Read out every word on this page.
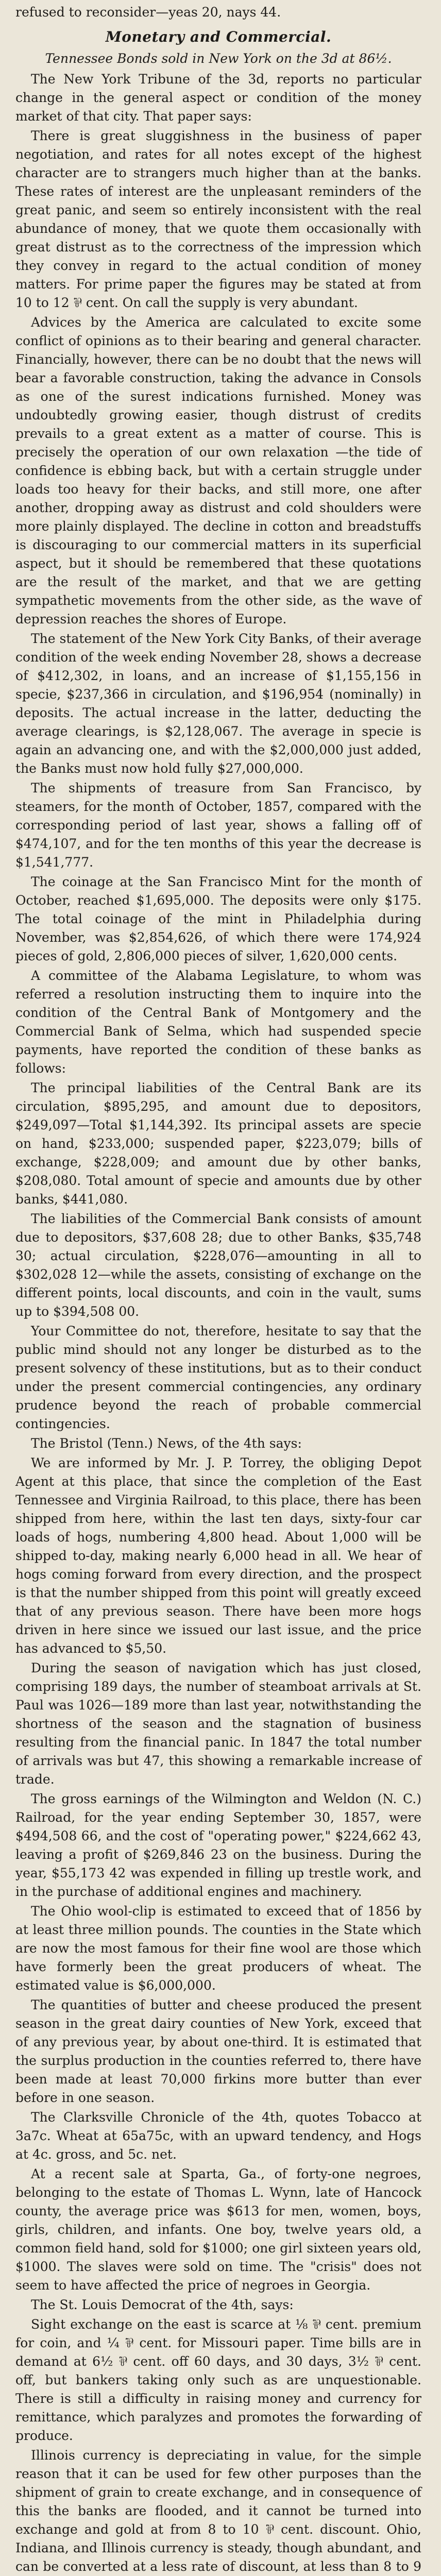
refused to reconsider—yeas 20, nays 44.

Monetary and Commercial.

Tennessee Bonds sold in New York on the 3d at 86½.

The New York Tribune of the 3d, reports no particular change in the general aspect or condition of the money market of that city. That paper says:

There is great sluggishness in the business of paper negotiation, and rates for all notes except of the highest character are to strangers much higher than at the banks. These rates of interest are the unpleasant reminders of the great panic, and seem so entirely inconsistent with the real abundance of money, that we quote them occasionally with great distrust as to the correctness of the impression which they convey in regard to the actual condition of money matters. For prime paper the figures may be stated at from 10 to 12 ⅌ cent. On call the supply is very abundant.

Advices by the America are calculated to excite some conflict of opinions as to their bearing and general character. Financially, however, there can be no doubt that the news will bear a favorable construction, taking the advance in Consols as one of the surest indications furnished. Money was undoubtedly growing easier, though distrust of credits prevails to a great extent as a matter of course. This is precisely the operation of our own relaxation —the tide of confidence is ebbing back, but with a certain struggle under loads too heavy for their backs, and still more, one after another, dropping away as distrust and cold shoulders were more plainly displayed. The decline in cotton and breadstuffs is discouraging to our commercial matters in its superficial aspect, but it should be remembered that these quotations are the result of the market, and that we are getting sympathetic movements from the other side, as the wave of depression reaches the shores of Europe.

The statement of the New York City Banks, of their average condition of the week ending November 28, shows a decrease of $412,302, in loans, and an increase of $1,155,156 in specie, $237,366 in circulation, and $196,954 (nominally) in deposits. The actual increase in the latter, deducting the average clearings, is $2,128,067. The average in specie is again an advancing one, and with the $2,000,000 just added, the Banks must now hold fully $27,000,000.

The shipments of treasure from San Francisco, by steamers, for the month of October, 1857, compared with the corresponding period of last year, shows a falling off of $474,107, and for the ten months of this year the decrease is $1,541,777.

The coinage at the San Francisco Mint for the month of October, reached $1,695,000. The deposits were only $175. The total coinage of the mint in Philadelphia during November, was $2,854,626, of which there were 174,924 pieces of gold, 2,806,000 pieces of silver, 1,620,000 cents.

A committee of the Alabama Legislature, to whom was referred a resolution instructing them to inquire into the condition of the Central Bank of Montgomery and the Commercial Bank of Selma, which had suspended specie payments, have reported the condition of these banks as follows:

The principal liabilities of the Central Bank are its circulation, $895,295, and amount due to depositors, $249,097—Total $1,144,392. Its principal assets are specie on hand, $233,000; suspended paper, $223,079; bills of exchange, $228,009; and amount due by other banks, $208,080. Total amount of specie and amounts due by other banks, $441,080.

The liabilities of the Commercial Bank consists of amount due to depositors, $37,608 28; due to other Banks, $35,748 30; actual circulation, $228,076—amounting in all to $302,028 12—while the assets, consisting of exchange on the different points, local discounts, and coin in the vault, sums up to $394,508 00.

Your Committee do not, therefore, hesitate to say that the public mind should not any longer be disturbed as to the present solvency of these institutions, but as to their conduct under the present commercial contingencies, any ordinary prudence beyond the reach of probable commercial contingencies.

The Bristol (Tenn.) News, of the 4th says:

We are informed by Mr. J. P. Torrey, the obliging Depot Agent at this place, that since the completion of the East Tennessee and Virginia Railroad, to this place, there has been shipped from here, within the last ten days, sixty-four car loads of hogs, numbering 4,800 head. About 1,000 will be shipped to-day, making nearly 6,000 head in all. We hear of hogs coming forward from every direction, and the prospect is that the number shipped from this point will greatly exceed that of any previous season. There have been more hogs driven in here since we issued our last issue, and the price has advanced to $5,50.

During the season of navigation which has just closed, comprising 189 days, the number of steamboat arrivals at St. Paul was 1026—189 more than last year, notwithstanding the shortness of the season and the stagnation of business resulting from the financial panic. In 1847 the total number of arrivals was but 47, this showing a remarkable increase of trade.

The gross earnings of the Wilmington and Weldon (N. C.) Railroad, for the year ending September 30, 1857, were $494,508 66, and the cost of "operating power," $224,662 43, leaving a profit of $269,846 23 on the business. During the year, $55,173 42 was expended in filling up trestle work, and in the purchase of additional engines and machinery.

The Ohio wool-clip is estimated to exceed that of 1856 by at least three million pounds. The counties in the State which are now the most famous for their fine wool are those which have formerly been the great producers of wheat. The estimated value is $6,000,000.

The quantities of butter and cheese produced the present season in the great dairy counties of New York, exceed that of any previous year, by about one-third. It is estimated that the surplus production in the counties referred to, there have been made at least 70,000 firkins more butter than ever before in one season.

The Clarksville Chronicle of the 4th, quotes Tobacco at 3a7c. Wheat at 65a75c, with an upward tendency, and Hogs at 4c. gross, and 5c. net.

At a recent sale at Sparta, Ga., of forty-one negroes, belonging to the estate of Thomas L. Wynn, late of Hancock county, the average price was $613 for men, women, boys, girls, children, and infants. One boy, twelve years old, a common field hand, sold for $1000; one girl sixteen years old, $1000. The slaves were sold on time. The "crisis" does not seem to have affected the price of negroes in Georgia.

The St. Louis Democrat of the 4th, says:

Sight exchange on the east is scarce at ⅛ ⅌ cent. premium for coin, and ¼ ⅌ cent. for Missouri paper. Time bills are in demand at 6½ ⅌ cent. off 60 days, and 30 days, 3½ ⅌ cent. off, but bankers taking only such as are unquestionable. There is still a difficulty in raising money and currency for remittance, which paralyzes and promotes the forwarding of produce.

Illinois currency is depreciating in value, for the simple reason that it can be used for few other purposes than the shipment of grain to create exchange, and in consequence of this the banks are flooded, and it cannot be turned into exchange and gold at from 8 to 10 ⅌ cent. discount. Ohio, Indiana, and Illinois currency is steady, though abundant, and can be converted at a less rate of discount, at less than 8 to 9
